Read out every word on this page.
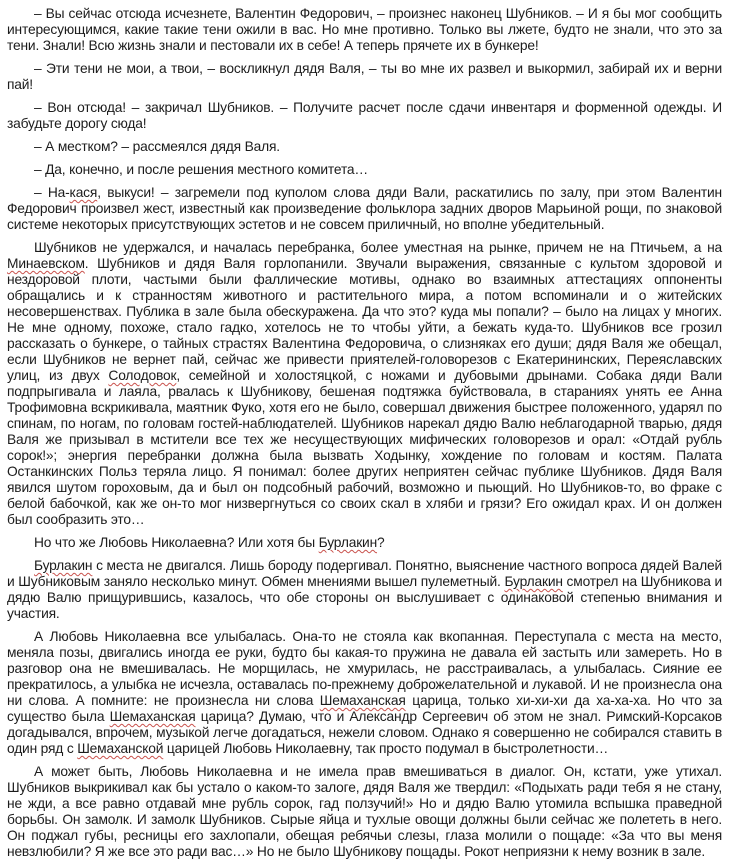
– Вы сейчас отсюда исчезнете, Валентин Федорович, – произнес наконец Шубников. – И я бы мог сообщить интересующимся, какие такие тени ожили в вас. Но мне противно. Только вы лжете, будто не знали, что это за тени. Знали! Всю жизнь знали и пестовали их в себе! А теперь прячете их в бункере!

– Эти тени не мои, а твои, – воскликнул дядя Валя, – ты во мне их развел и выкормил, забирай их и верни пай!

– Вон отсюда! – закричал Шубников. – Получите расчет после сдачи инвентаря и форменной одежды. И забудьте дорогу сюда!

– А местком? – рассмеялся дядя Валя.

– Да, конечно, и после решения местного комитета…

– На-кася, выкуси! – загремели под куполом слова дяди Вали, раскатились по залу, при этом Валентин Федорович произвел жест, известный как произведение фольклора задних дворов Марьиной рощи, по знаковой системе некоторых присутствующих эстетов и не совсем приличный, но вполне убедительный.

Шубников не удержался, и началась перебранка, более уместная на рынке, причем не на Птичьем, а на Минаевском. Шубников и дядя Валя горлопанили. Звучали выражения, связанные с культом здоровой и нездоровой плоти, частыми были фаллические мотивы, однако во взаимных аттестациях оппоненты обращались и к странностям животного и растительного мира, а потом вспоминали и о житейских несовершенствах. Публика в зале была обескуражена. Да что это? куда мы попали? – было на лицах у многих. Не мне одному, похоже, стало гадко, хотелось не то чтобы уйти, а бежать куда-то. Шубников все грозил рассказать о бункере, о тайных страстях Валентина Федоровича, о слизняках его души; дядя Валя же обещал, если Шубников не вернет пай, сейчас же привести приятелей-головорезов с Екатерининских, Переяславских улиц, из двух Солодовок, семейной и холостяцкой, с ножами и дубовыми дрынами. Собака дяди Вали подпрыгивала и лаяла, рвалась к Шубникову, бешеная подтяжка буйствовала, в стараниях унять ее Анна Трофимовна вскрикивала, маятник Фуко, хотя его не было, совершал движения быстрее положенного, ударял по спинам, по ногам, по головам гостей-наблюдателей. Шубников нарекал дядю Валю неблагодарной тварью, дядя Валя же призывал в мстители все тех же несуществующих мифических головорезов и орал: «Отдай рубль сорок!»; энергия перебранки должна была вызвать Ходынку, хождение по головам и костям. Палата Останкинских Польз теряла лицо. Я понимал: более других неприятен сейчас публике Шубников. Дядя Валя явился шутом гороховым, да и был он подсобный рабочий, возможно и пьющий. Но Шубников-то, во фраке с белой бабочкой, как же он-то мог низвергнуться со своих скал в хляби и грязи? Его ожидал крах. И он должен был сообразить это…

Но что же Любовь Николаевна? Или хотя бы Бурлакин?

Бурлакин с места не двигался. Лишь бороду подергивал. Понятно, выяснение частного вопроса дядей Валей и Шубниковым заняло несколько минут. Обмен мнениями вышел пулеметный. Бурлакин смотрел на Шубникова и дядю Валю прищурившись, казалось, что обе стороны он выслушивает с одинаковой степенью внимания и участия.

А Любовь Николаевна все улыбалась. Она-то не стояла как вкопанная. Переступала с места на место, меняла позы, двигались иногда ее руки, будто бы какая-то пружина не давала ей застыть или замереть. Но в разговор она не вмешивалась. Не морщилась, не хмурилась, не расстраивалась, а улыбалась. Сияние ее прекратилось, а улыбка не исчезла, оставалась по-прежнему доброжелательной и лукавой. И не произнесла она ни слова. А помните: не произнесла ни слова Шемаханская царица, только хи-хи-хи да ха-ха-ха. Но что за существо была Шемаханская царица? Думаю, что и Александр Сергеевич об этом не знал. Римский-Корсаков догадывался, впрочем, музыкой легче догадаться, нежели словом. Однако я совершенно не собирался ставить в один ряд с Шемаханской царицей Любовь Николаевну, так просто подумал в быстролетности…

А может быть, Любовь Николаевна и не имела прав вмешиваться в диалог. Он, кстати, уже утихал. Шубников выкрикивал как бы устало о каком-то залоге, дядя Валя же твердил: «Подыхать ради тебя я не стану, не жди, а все равно отдавай мне рубль сорок, гад ползучий!» Но и дядю Валю утомила вспышка праведной борьбы. Он замолк. И замолк Шубников. Сырые яйца и тухлые овощи должны были сейчас же полететь в него. Он поджал губы, ресницы его захлопали, обещая ребячьи слезы, глаза молили о пощаде: «За что вы меня невзлюбили? Я же все это ради вас…» Но не было Шубникову пощады. Рокот неприязни к нему возник в зале.
